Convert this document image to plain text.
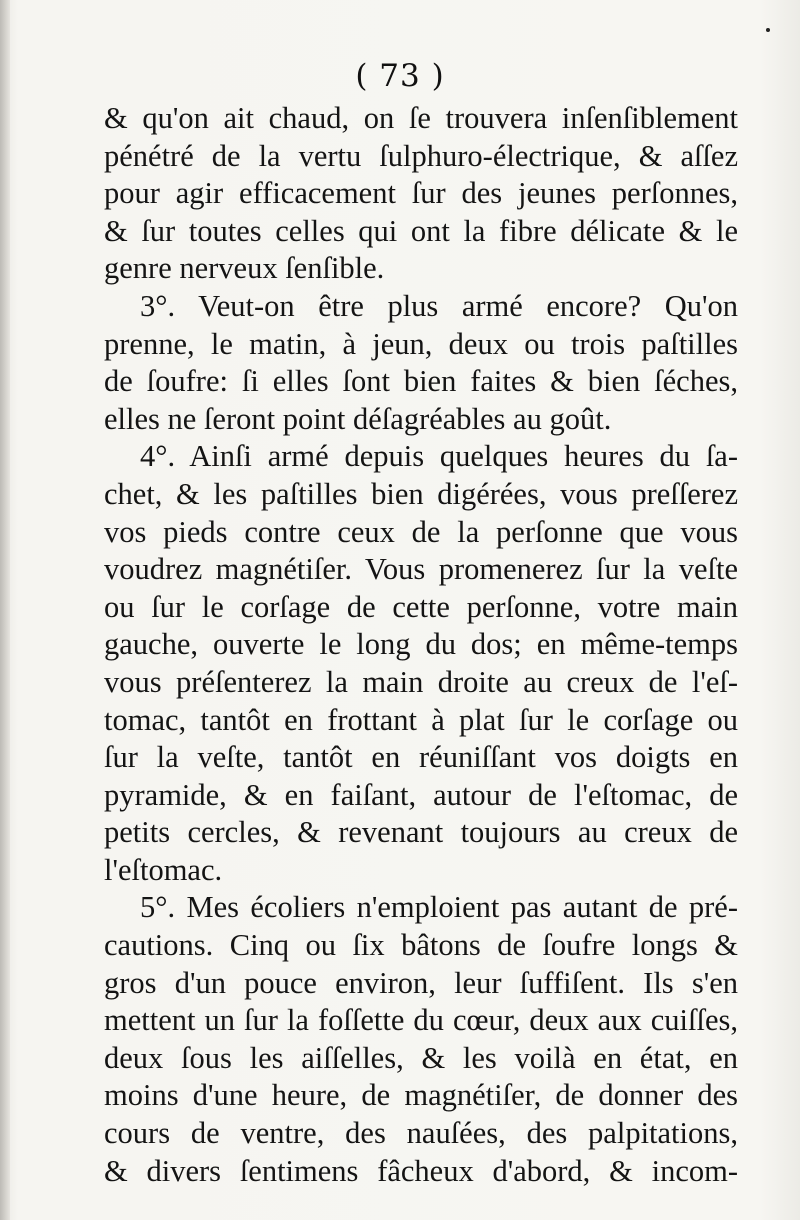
( 73 )
& qu'on ait chaud, on ſe trouvera inſenſiblement
pénétré de la vertu ſulphuro-électrique, & aſſez
pour agir efficacement ſur des jeunes perſonnes,
& ſur toutes celles qui ont la fibre délicate & le
genre nerveux ſenſible.
3°. Veut-on être plus armé encore? Qu'on
prenne, le matin, à jeun, deux ou trois paſtilles
de ſoufre: ſi elles ſont bien faites & bien ſéches,
elles ne ſeront point déſagréables au goût.
4°. Ainſi armé depuis quelques heures du ſa-
chet, & les paſtilles bien digérées, vous preſſerez
vos pieds contre ceux de la perſonne que vous
voudrez magnétiſer. Vous promenerez ſur la veſte
ou ſur le corſage de cette perſonne, votre main
gauche, ouverte le long du dos; en même-temps
vous préſenterez la main droite au creux de l'eſ-
tomac, tantôt en frottant à plat ſur le corſage ou
ſur la veſte, tantôt en réuniſſant vos doigts en
pyramide, & en faiſant, autour de l'eſtomac, de
petits cercles, & revenant toujours au creux de
l'eſtomac.
5°. Mes écoliers n'emploient pas autant de pré-
cautions. Cinq ou ſix bâtons de ſoufre longs &
gros d'un pouce environ, leur ſuffiſent. Ils s'en
mettent un ſur la foſſette du cœur, deux aux cuiſſes,
deux ſous les aiſſelles, & les voilà en état, en
moins d'une heure, de magnétiſer, de donner des
cours de ventre, des nauſées, des palpitations,
& divers ſentimens fâcheux d'abord, & incom-
